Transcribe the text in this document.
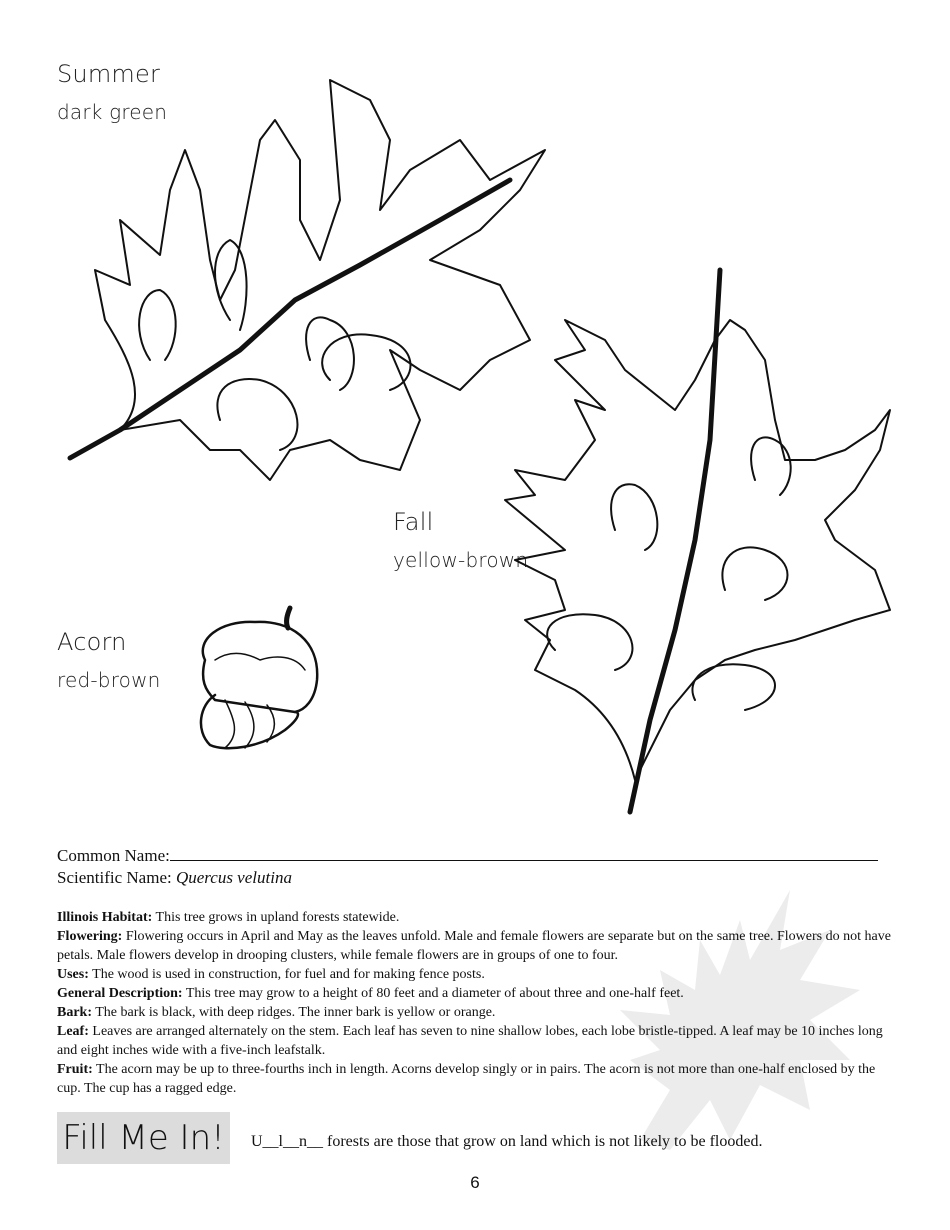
Summer
dark green
Fall
yellow-brown
Acorn
red-brown
Common Name:
Scientific Name: Quercus velutina

Illinois Habitat: This tree grows in upland forests statewide.

Flowering: Flowering occurs in April and May as the leaves unfold. Male and female flowers are separate but on the same tree. Flowers do not have petals. Male flowers develop in drooping clusters, while female flowers are in groups of one to four.

Uses: The wood is used in construction, for fuel and for making fence posts.

General Description: This tree may grow to a height of 80 feet and a diameter of about three and one-half feet.

Bark: The bark is black, with deep ridges. The inner bark is yellow or orange.

Leaf: Leaves are arranged alternately on the stem. Each leaf has seven to nine shallow lobes, each lobe bristle-tipped. A leaf may be 10 inches long and eight inches wide with a five-inch leafstalk.

Fruit: The acorn may be up to three-fourths inch in length. Acorns develop singly or in pairs. The acorn is not more than one-half enclosed by the cup. The cup has a ragged edge.

Fill Me In!	U__l__n__ forests are those that grow on land which is not likely to be flooded.
6
